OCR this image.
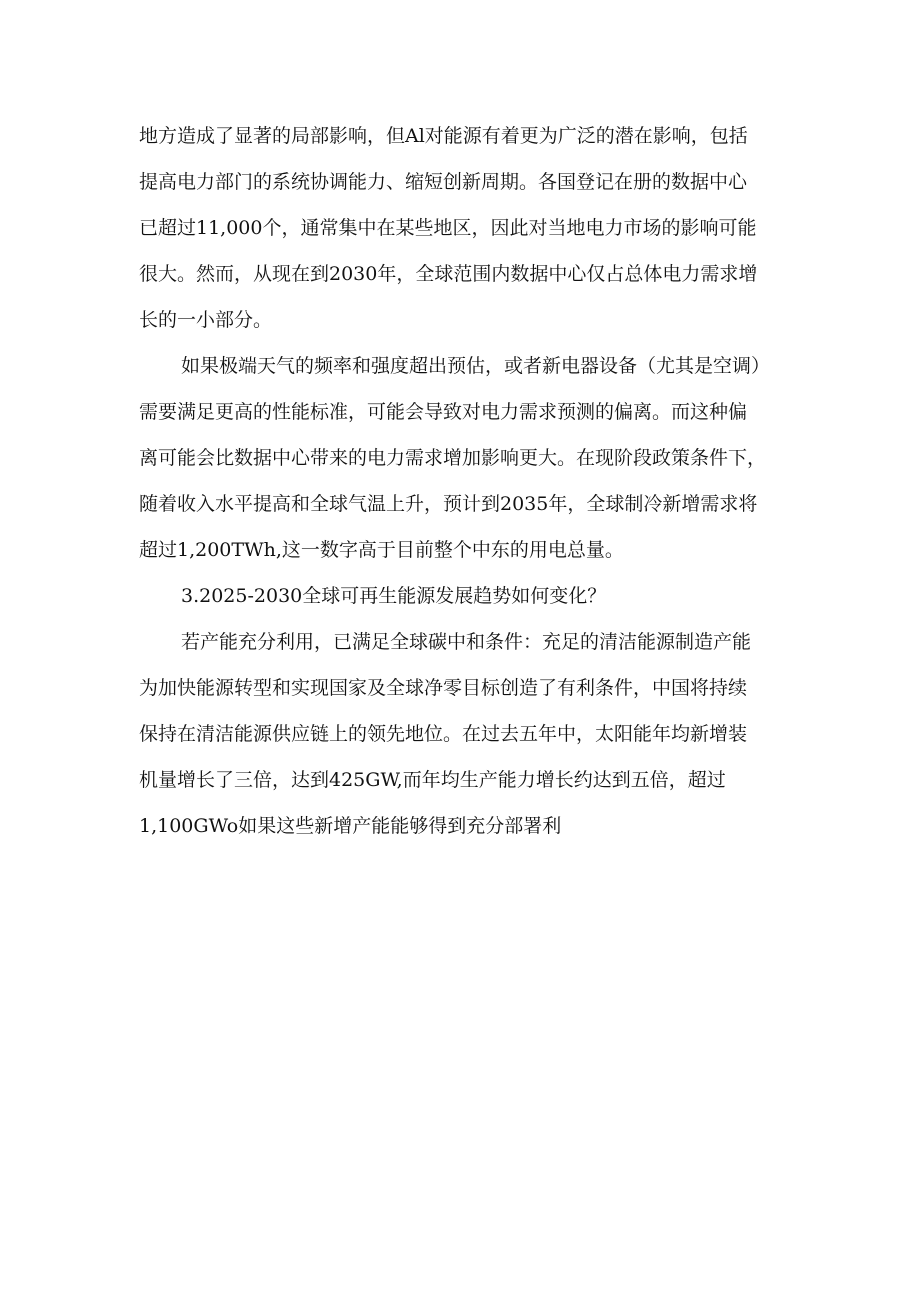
地方造成了显著的局部影响，但Al对能源有着更为广泛的潜在影响，包括
提高电力部门的系统协调能力、缩短创新周期。各国登记在册的数据中心
已超过11,000个，通常集中在某些地区，因此对当地电力市场的影响可能
很大。然而，从现在到2030年，全球范围内数据中心仅占总体电力需求增
长的一小部分。
如果极端天气的频率和强度超出预估，或者新电器设备（尤其是空调）
需要满足更高的性能标准，可能会导致对电力需求预测的偏离。而这种偏
离可能会比数据中心带来的电力需求增加影响更大。在现阶段政策条件下，
随着收入水平提高和全球气温上升，预计到2035年，全球制冷新增需求将
超过1,200TWh,这一数字高于目前整个中东的用电总量。
3.2025-2030全球可再生能源发展趋势如何变化？
若产能充分利用，已满足全球碳中和条件：充足的清洁能源制造产能
为加快能源转型和实现国家及全球净零目标创造了有利条件，中国将持续
保持在清洁能源供应链上的领先地位。在过去五年中，太阳能年均新增装
机量增长了三倍，达到425GW,而年均生产能力增长约达到五倍，超过
1,100GWo如果这些新增产能能够得到充分部署利
